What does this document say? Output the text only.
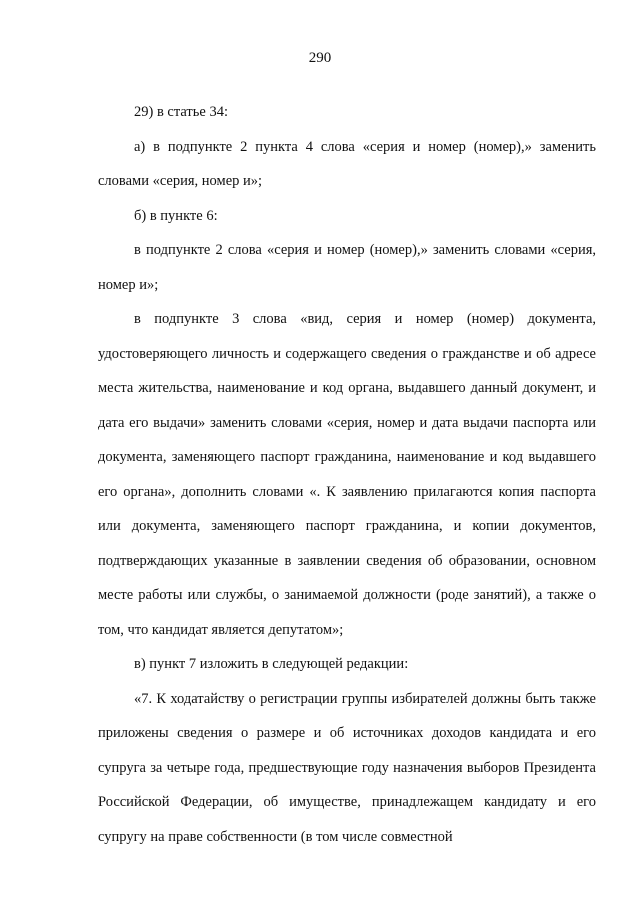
290

29) в статье 34:

а) в подпункте 2 пункта 4 слова «серия и номер (номер),» заменить словами «серия, номер и»;

б) в пункте 6:

в подпункте 2 слова «серия и номер (номер),» заменить словами «серия, номер и»;

в подпункте 3 слова «вид, серия и номер (номер) документа, удостоверяющего личность и содержащего сведения о гражданстве и об адресе места жительства, наименование и код органа, выдавшего данный документ, и дата его выдачи» заменить словами «серия, номер и дата выдачи паспорта или документа, заменяющего паспорт гражданина, наименование и код выдавшего его органа», дополнить словами «. К заявлению прилагаются копия паспорта или документа, заменяющего паспорт гражданина, и копии документов, подтверждающих указанные в заявлении сведения об образовании, основном месте работы или службы, о занимаемой должности (роде занятий), а также о том, что кандидат является депутатом»;

в) пункт 7 изложить в следующей редакции:

«7. К ходатайству о регистрации группы избирателей должны быть также приложены сведения о размере и об источниках доходов кандидата и его супруга за четыре года, предшествующие году назначения выборов Президента Российской Федерации, об имуществе, принадлежащем кандидату и его супругу на праве собственности (в том числе совместной
